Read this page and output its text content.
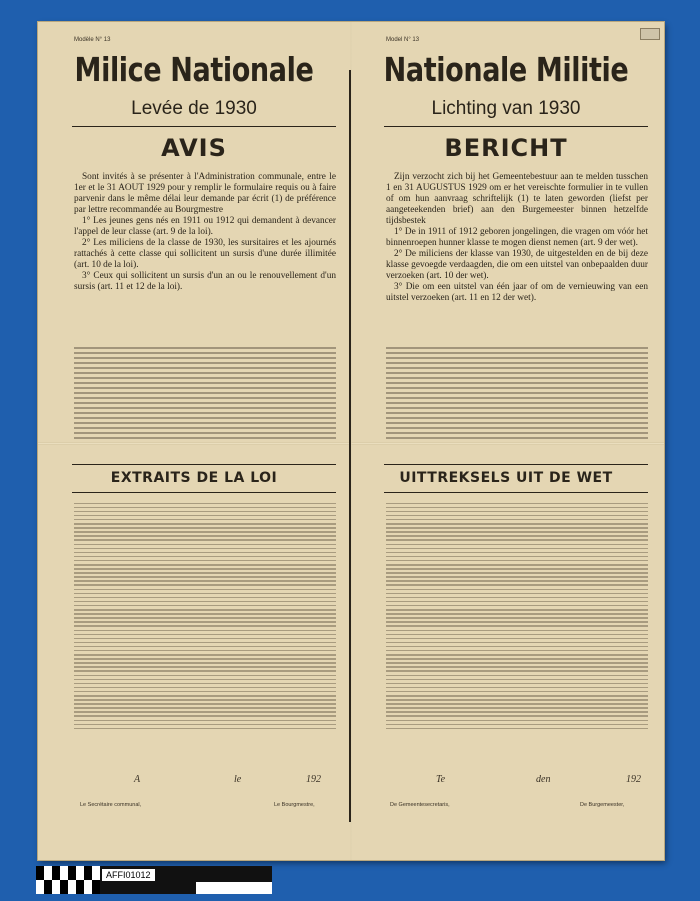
Modèle N° 13
Milice Nationale
Levée de 1930
AVIS

Sont invités à se présenter à l'Administration communale, entre le 1er et le 31 AOUT 1929 pour y remplir le formulaire requis ou à faire parvenir dans le même délai leur demande par écrit (1) de préférence par lettre recommandée au Bourgmestre

1° Les jeunes gens nés en 1911 ou 1912 qui demandent à devancer l'appel de leur classe (art. 9 de la loi).

2° Les miliciens de la classe de 1930, les sursitaires et les ajournés rattachés à cette classe qui sollicitent un sursis d'une durée illimitée (art. 10 de la loi).

3° Ceux qui sollicitent un sursis d'un an ou le renouvellement d'un sursis (art. 11 et 12 de la loi).

EXTRAITS DE LA LOI
A	le	192
Le Secrétaire communal,	Le Bourgmestre,
Model N° 13
Nationale Militie
Lichting van 1930
BERICHT

Zijn verzocht zich bij het Gemeentebestuur aan te melden tusschen 1 en 31 AUGUSTUS 1929 om er het vereischte formulier in te vullen of om hun aanvraag schriftelijk (1) te laten geworden (liefst per aangeteekenden brief) aan den Burgemeester binnen hetzelfde tijdsbestek

1° De in 1911 of 1912 geboren jongelingen, die vragen om vóór het binnenroepen hunner klasse te mogen dienst nemen (art. 9 der wet).

2° De miliciens der klasse van 1930, de uitgestelden en de bij deze klasse gevoegde verdaagden, die om een uitstel van onbepaalden duur verzoeken (art. 10 der wet).

3° Die om een uitstel van één jaar of om de vernieuwing van een uitstel verzoeken (art. 11 en 12 der wet).

UITTREKSELS UIT DE WET
Te	den	192
De Gemeentesecretaris,	De Burgemeester,
AFFI01012
